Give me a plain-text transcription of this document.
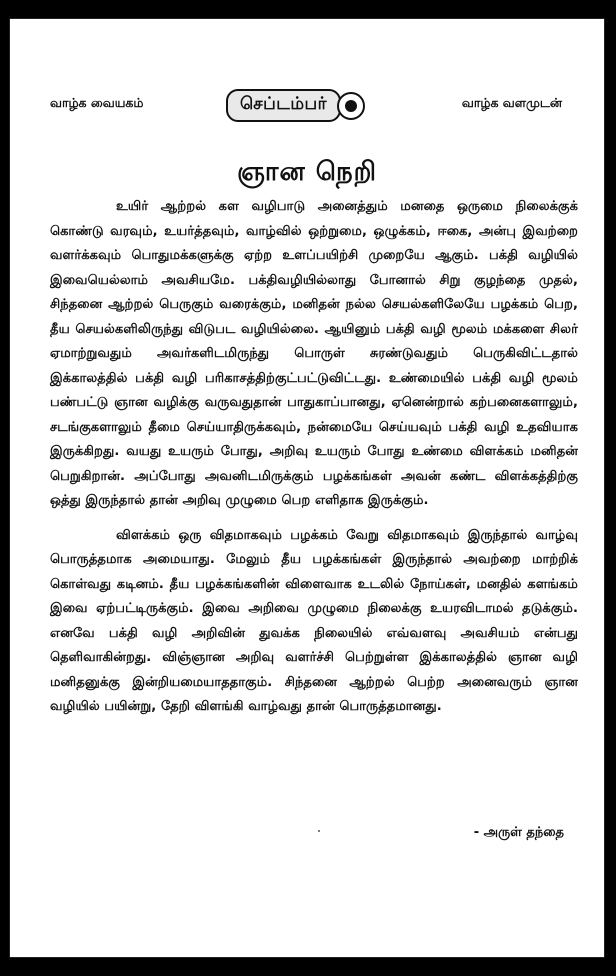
வாழ்க வையகம்	செப்டம்பர்	வாழ்க வளமுடன்
ஞான நெறி

உயிர் ஆற்றல் கள வழிபாடு அனைத்தும் மனதை ஒருமை நிலைக்குக் கொண்டு வரவும், உயர்த்தவும், வாழ்வில் ஒற்றுமை, ஒழுக்கம், ஈகை, அன்பு இவற்றை வளர்க்கவும் பொதுமக்களுக்கு ஏற்ற உளப்பயிற்சி முறையே ஆகும். பக்தி வழியில் இவையெல்லாம் அவசியமே. பக்திவழியில்லாது போனால் சிறு குழந்தை முதல், சிந்தனை ஆற்றல் பெருகும் வரைக்கும், மனிதன் நல்ல செயல்களிலேயே பழக்கம் பெற, தீய செயல்களிலிருந்து விடுபட வழியில்லை. ஆயினும் பக்தி வழி மூலம் மக்களை சிலர் ஏமாற்றுவதும் அவர்களிடமிருந்து பொருள் சுரண்டுவதும் பெருகிவிட்டதால் இக்காலத்தில் பக்தி வழி பரிகாசத்திற்குட்பட்டுவிட்டது. உண்மையில் பக்தி வழி மூலம் பண்பட்டு ஞான வழிக்கு வருவதுதான் பாதுகாப்பானது, ஏனென்றால் கற்பனைகளாலும், சடங்குகளாலும் தீமை செய்யாதிருக்கவும், நன்மையே செய்யவும் பக்தி வழி உதவியாக இருக்கிறது. வயது உயரும் போது, அறிவு உயரும் போது உண்மை விளக்கம் மனிதன் பெறுகிறான். அப்போது அவனிடமிருக்கும் பழக்கங்கள் அவன் கண்ட விளக்கத்திற்கு ஒத்து இருந்தால் தான் அறிவு முழுமை பெற எளிதாக இருக்கும்.

விளக்கம் ஒரு விதமாகவும் பழக்கம் வேறு விதமாகவும் இருந்தால் வாழ்வு பொருத்தமாக அமையாது. மேலும் தீய பழக்கங்கள் இருந்தால் அவற்றை மாற்றிக் கொள்வது கடினம். தீய பழக்கங்களின் விளைவாக உடலில் நோய்கள், மனதில் களங்கம் இவை ஏற்பட்டிருக்கும். இவை அறிவை முழுமை நிலைக்கு உயரவிடாமல் தடுக்கும். எனவே பக்தி வழி அறிவின் துவக்க நிலையில் எவ்வளவு அவசியம் என்பது தெளிவாகின்றது. விஞ்ஞான அறிவு வளர்ச்சி பெற்றுள்ள இக்காலத்தில் ஞான வழி மனிதனுக்கு இன்றியமையாததாகும். சிந்தனை ஆற்றல் பெற்ற அனைவரும் ஞான வழியில் பயின்று, தேறி விளங்கி வாழ்வது தான் பொருத்தமானது.

- அருள் தந்தை
